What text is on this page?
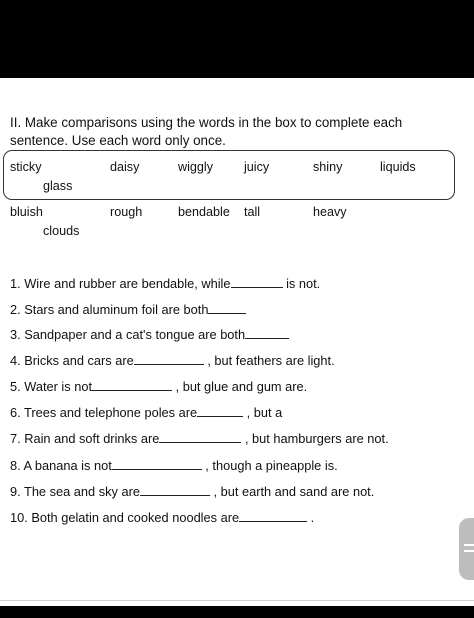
II. Make comparisons using the words in the box to complete each
sentence. Use each word only once.
sticky	daisy	wiggly juicy	shiny	liquids
glass
bluish	rough	bendable tall	heavy
clouds
1. Wire and rubber are bendable, while	is not.
2. Stars and aluminum foil are both
3. Sandpaper and a cat's tongue are both
4. Bricks and cars are	, but feathers are light.
5. Water is not	, but glue and gum are.
6. Trees and telephone poles are	, but a
7. Rain and soft drinks are	, but hamburgers are not.
8. A banana is not	, though a pineapple is.
9. The sea and sky are	, but earth and sand are not.
10. Both gelatin and cooked noodles are	.
